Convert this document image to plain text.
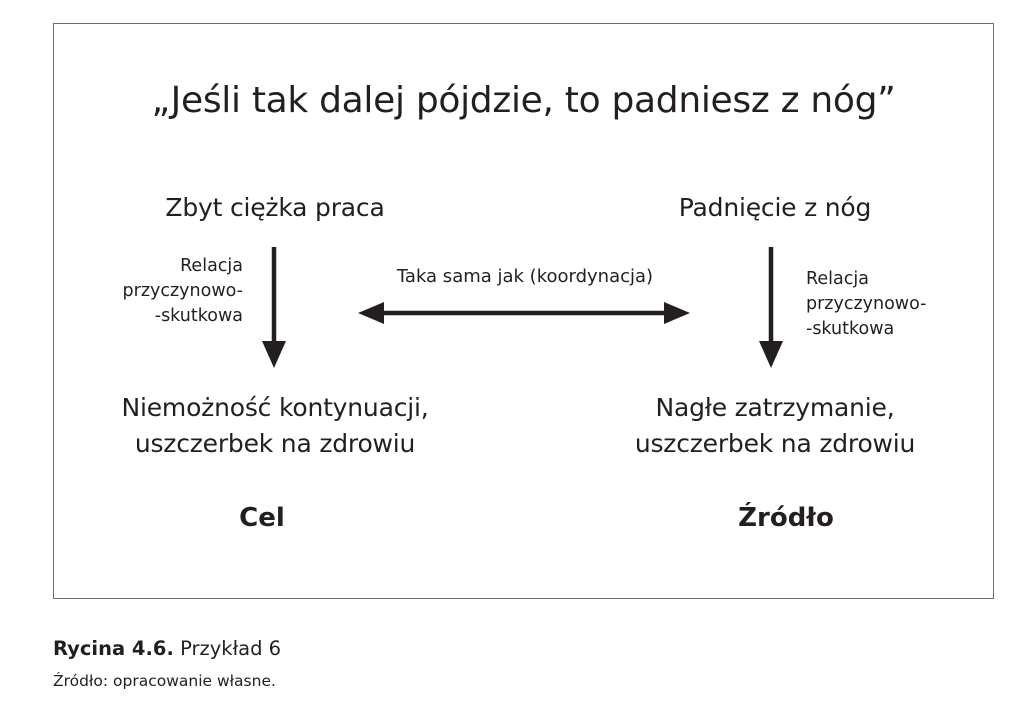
„Jeśli tak dalej pójdzie, to padniesz z nóg”
Zbyt ciężka praca	Padnięcie z nóg
Relacja
przyczynowo-
-skutkowa
Relacja
przyczynowo-
-skutkowa
Taka sama jak (koordynacja)
Niemożność kontynuacji,
uszczerbek na zdrowiu
Nagłe zatrzymanie,
uszczerbek na zdrowiu
Cel	Źródło
Rycina 4.6. Przykład 6
Źródło: opracowanie własne.
